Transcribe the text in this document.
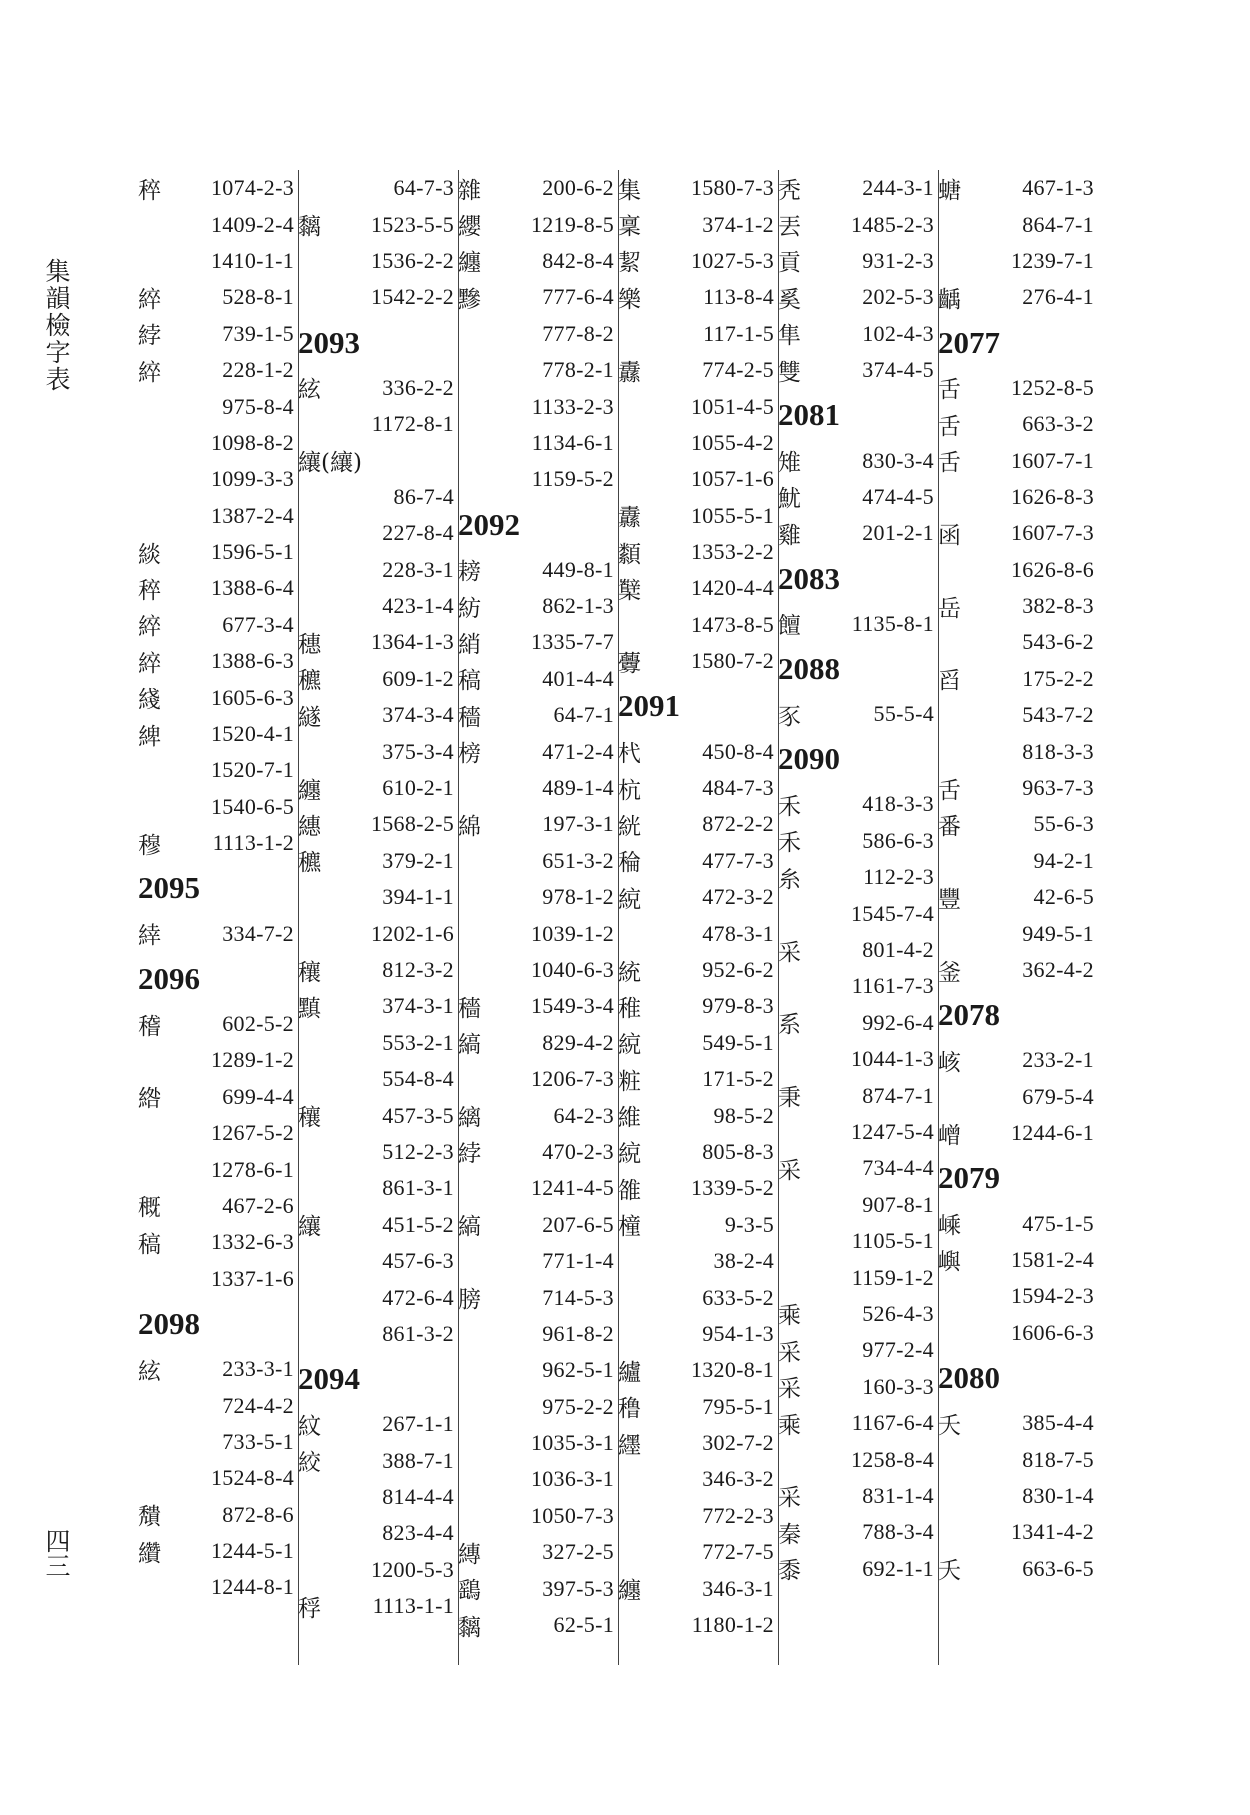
集韻檢字表
四三
稡	1074-2-3
1409-2-4
1410-1-1
綷	528-8-1
綍	739-1-5
綷	228-1-2
975-8-4
1098-8-2
1099-3-3
1387-2-4
緂	1596-5-1
稡	1388-6-4
綷	677-3-4
綷	1388-6-3
綫	1605-6-3
綼	1520-4-1
1520-7-1
1540-6-5
穆	1113-1-2
2095
緈	334-7-2
2096
稽	602-5-2
1289-1-2
綹	699-4-4
1267-5-2
1278-6-1
穊	467-2-6
稿	1332-6-3
1337-1-6
2098
絃	233-3-1
724-4-2
733-5-1
1524-8-4
穨	872-8-6
纘	1244-5-1
1244-8-1
64-7-3
黐	1523-5-5
1536-2-2
1542-2-2
2093
絃	336-2-2
1172-8-1
纕(纕)
86-7-4
227-8-4
228-3-1
423-1-4
穗	1364-1-3
穮	609-1-2
繸	374-3-4
375-3-4
纏	610-2-1
繐	1568-2-5
穮	379-2-1
394-1-1
1202-1-6
穰	812-3-2
黰	374-3-1
553-2-1
554-8-4
穰	457-3-5
512-2-3
861-3-1
纕	451-5-2
457-6-3
472-6-4
861-3-2
2094
紋	267-1-1
絞	388-7-1
814-4-4
823-4-4
1200-5-3
稃	1113-1-1
雜	200-6-2
纓	1219-8-5
纏	842-8-4
黲	777-6-4
777-8-2
778-2-1
1133-2-3
1134-6-1
1159-5-2
2092
耪	449-8-1
紡	862-1-3
綃	1335-7-7
稿	401-4-4
穡	64-7-1
榜	471-2-4
489-1-4
綿	197-3-1
651-3-2
978-1-2
1039-1-2
1040-6-3
穡	1549-3-4
縞	829-4-2
1206-7-3
縭	64-2-3
綍	470-2-3
1241-4-5
縞	207-6-5
771-1-4
膀	714-5-3
961-8-2
962-5-1
975-2-2
1035-3-1
1036-3-1
1050-7-3
縳	327-2-5
鷂	397-5-3
黐	62-5-1
集	1580-7-3
稟	374-1-2
絜	1027-5-3
樂	113-8-4
117-1-5
纛	774-2-5
1051-4-5
1055-4-2
1057-1-6
纛	1055-5-1
纇	1353-2-2
櫱	1420-4-4
1473-8-5
虋	1580-7-2
2091
杙	450-8-4
杭	484-7-3
絖	872-2-2
稐	477-7-3
綂	472-3-2
478-3-1
統	952-6-2
稚	979-8-3
綂	549-5-1
粧	171-5-2
維	98-5-2
綂	805-8-3
雒	1339-5-2
橦	9-3-5
38-2-4
633-5-2
954-1-3
纑	1320-8-1
穞	795-5-1
纆	302-7-2
346-3-2
772-2-3
772-7-5
纏	346-3-1
1180-1-2
秃	244-3-1
丟	1485-2-3
貢	931-2-3
奚	202-5-3
隼	102-4-3
雙	374-4-5
2081
雉	830-3-4
魷	474-4-5
雞	201-2-1
2083
饘	1135-8-1
2088
豕	55-5-4
2090
禾	418-3-3
禾	586-6-3
糸	112-2-3
1545-7-4
采	801-4-2
1161-7-3
系	992-6-4
1044-1-3
秉	874-7-1
1247-5-4
采	734-4-4
907-8-1
1105-5-1
1159-1-2
乘	526-4-3
采	977-2-4
采	160-3-3
乘	1167-6-4
1258-8-4
采	831-1-4
秦	788-3-4
黍	692-1-1
螗	467-1-3
864-7-1
1239-7-1
齲	276-4-1
2077
舌	1252-8-5
舌	663-3-2
舌	1607-7-1
1626-8-3
函	1607-7-3
1626-8-6
岳	382-8-3
543-6-2
舀	175-2-2
543-7-2
818-3-3
舌	963-7-3
番	55-6-3
94-2-1
豐	42-6-5
949-5-1
釜	362-4-2
2078
峐	233-2-1
679-5-4
嶒	1244-6-1
2079
嵊	475-1-5
嶼	1581-2-4
1594-2-3
1606-6-3
2080
夭	385-4-4
818-7-5
830-1-4
1341-4-2
夭	663-6-5
